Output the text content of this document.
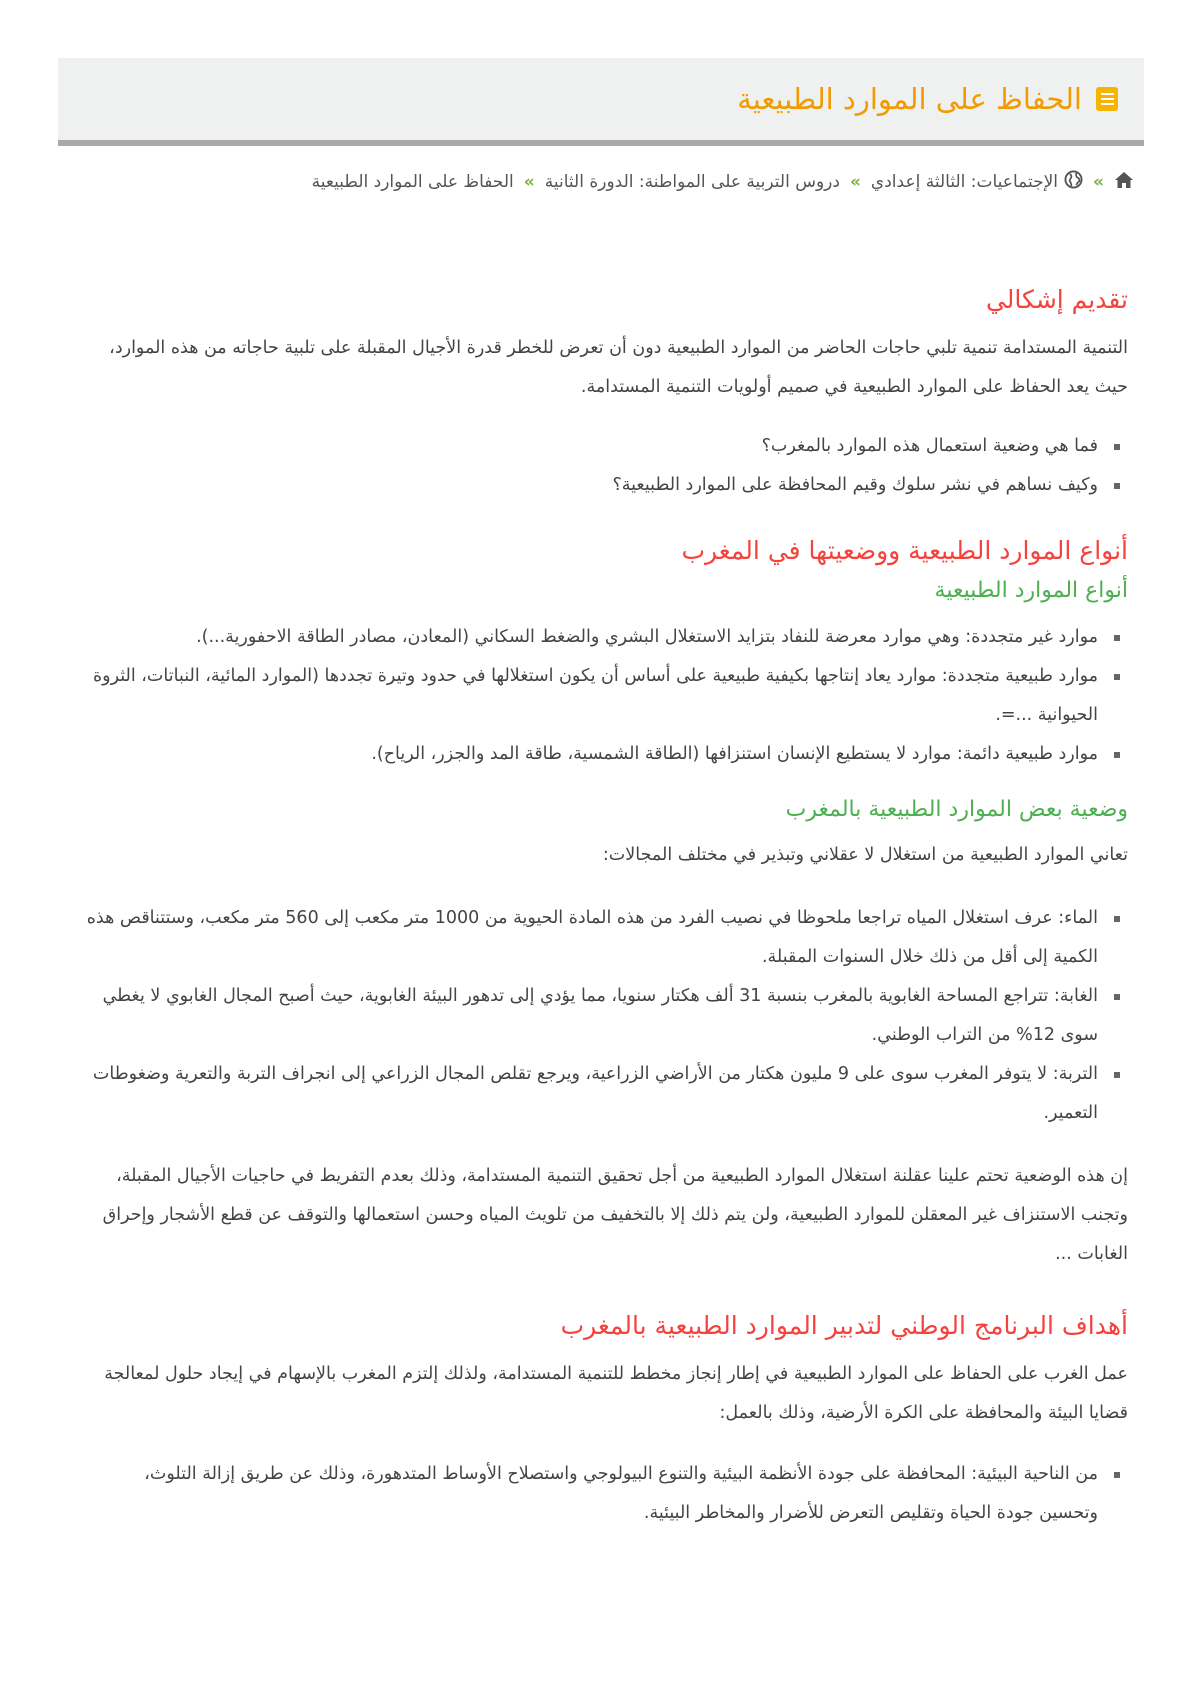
الحفاظ على الموارد الطبيعية
»
الإجتماعيات: الثالثة إعدادي
»
دروس التربية على المواطنة: الدورة الثانية
»
الحفاظ على الموارد الطبيعية
تقديم إشكالي

التنمية المستدامة تنمية تلبي حاجات الحاضر من الموارد الطبيعية دون أن تعرض للخطر قدرة الأجيال المقبلة على تلبية حاجاته من هذه الموارد، حيث يعد الحفاظ على الموارد الطبيعية في صميم أولويات التنمية المستدامة.

فما هي وضعية استعمال هذه الموارد بالمغرب؟
وكيف نساهم في نشر سلوك وقيم المحافظة على الموارد الطبيعية؟
أنواع الموارد الطبيعية ووضعيتها في المغرب
أنواع الموارد الطبيعية
موارد غير متجددة: وهي موارد معرضة للنفاد بتزايد الاستغلال البشري والضغط السكاني (المعادن، مصادر الطاقة الاحفورية...).
موارد طبيعية متجددة: موارد يعاد إنتاجها بكيفية طبيعية على أساس أن يكون استغلالها في حدود وتيرة تجددها (الموارد المائية، النباتات، الثروة الحيوانية ...=.
موارد طبيعية دائمة: موارد لا يستطيع الإنسان استنزافها (الطاقة الشمسية، طاقة المد والجزر، الرياح).
وضعية بعض الموارد الطبيعية بالمغرب

تعاني الموارد الطبيعية من استغلال لا عقلاني وتبذير في مختلف المجالات:

الماء: عرف استغلال المياه تراجعا ملحوظا في نصيب الفرد من هذه المادة الحيوية من 1000 متر مكعب إلى 560 متر مكعب، وستتناقص هذه الكمية إلى أقل من ذلك خلال السنوات المقبلة.
الغابة: تتراجع المساحة الغابوية بالمغرب بنسبة 31 ألف هكتار سنويا، مما يؤدي إلى تدهور البيئة الغابوية، حيث أصبح المجال الغابوي لا يغطي سوى 12% من التراب الوطني.
التربة: لا يتوفر المغرب سوى على 9 مليون هكتار من الأراضي الزراعية، ويرجع تقلص المجال الزراعي إلى انجراف التربة والتعرية وضغوطات التعمير.

إن هذه الوضعية تحتم علينا عقلنة استغلال الموارد الطبيعية من أجل تحقيق التنمية المستدامة، وذلك بعدم التفريط في حاجيات الأجيال المقبلة، وتجنب الاستنزاف غير المعقلن للموارد الطبيعية، ولن يتم ذلك إلا بالتخفيف من تلويث المياه وحسن استعمالها والتوقف عن قطع الأشجار وإحراق الغابات ...

أهداف البرنامج الوطني لتدبير الموارد الطبيعية بالمغرب

عمل الغرب على الحفاظ على الموارد الطبيعية في إطار إنجاز مخطط للتنمية المستدامة، ولذلك إلتزم المغرب بالإسهام في إيجاد حلول لمعالجة قضايا البيئة والمحافظة على الكرة الأرضية، وذلك بالعمل:

من الناحية البيئية: المحافظة على جودة الأنظمة البيئية والتنوع البيولوجي واستصلاح الأوساط المتدهورة، وذلك عن طريق إزالة التلوث، وتحسين جودة الحياة وتقليص التعرض للأضرار والمخاطر البيئية.
